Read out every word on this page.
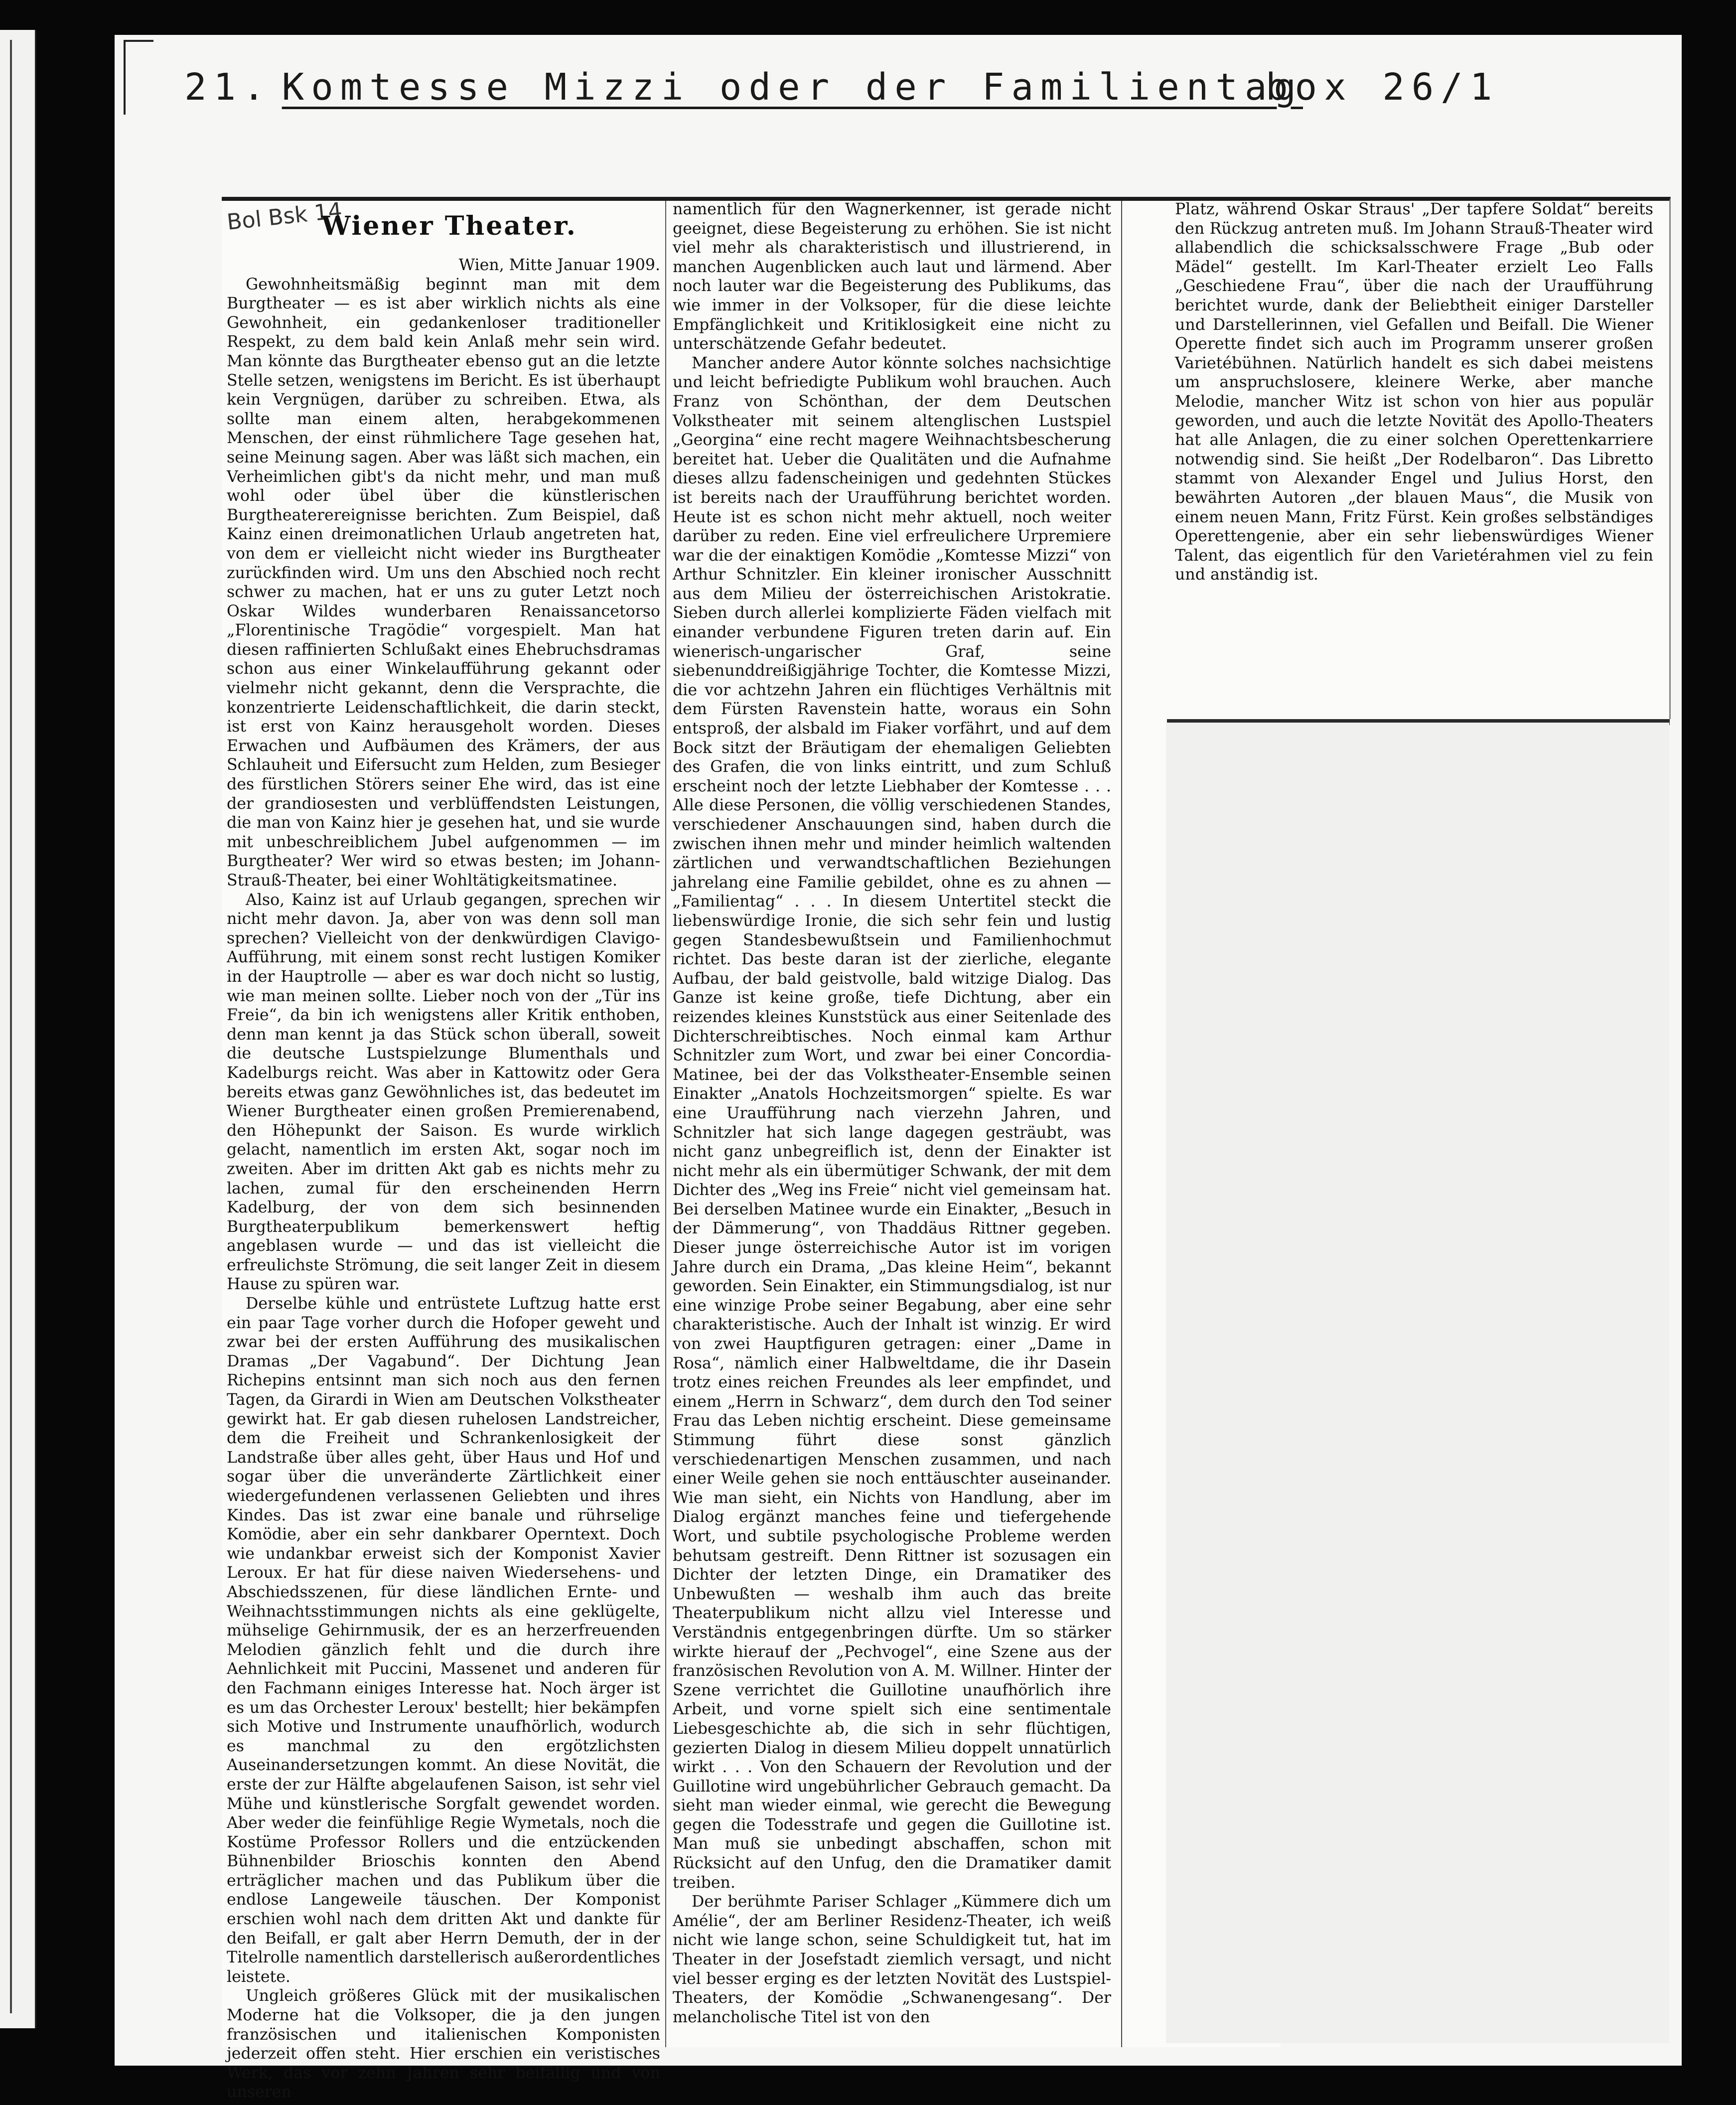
21. Komtesse Mizzi oder der Familientag
box 26/1
Bol Bsk 14
Wiener Theater.

Wien, Mitte Januar 1909.

Gewohnheitsmäßig beginnt man mit dem Burgtheater — es ist aber wirklich nichts als eine Gewohnheit, ein gedankenloser traditioneller Respekt, zu dem bald kein Anlaß mehr sein wird. Man könnte das Burgtheater ebenso gut an die letzte Stelle setzen, wenigstens im Bericht. Es ist überhaupt kein Vergnügen, darüber zu schreiben. Etwa, als sollte man einem alten, herabgekommenen Menschen, der einst rühmlichere Tage gesehen hat, seine Meinung sagen. Aber was läßt sich machen, ein Verheimlichen gibt's da nicht mehr, und man muß wohl oder übel über die künstlerischen Burgtheaterereignisse berichten. Zum Beispiel, daß Kainz einen dreimonatlichen Urlaub angetreten hat, von dem er vielleicht nicht wieder ins Burgtheater zurückfinden wird. Um uns den Abschied noch recht schwer zu machen, hat er uns zu guter Letzt noch Oskar Wildes wunderbaren Renaissancetorso „Florentinische Tragödie“ vorgespielt. Man hat diesen raffinierten Schlußakt eines Ehebruchsdramas schon aus einer Winkelaufführung gekannt oder vielmehr nicht gekannt, denn die Versprachte, die konzentrierte Leidenschaftlichkeit, die darin steckt, ist erst von Kainz herausgeholt worden. Dieses Erwachen und Aufbäumen des Krämers, der aus Schlauheit und Eifersucht zum Helden, zum Besieger des fürstlichen Störers seiner Ehe wird, das ist eine der grandiosesten und verblüffendsten Leistungen, die man von Kainz hier je gesehen hat, und sie wurde mit unbeschreiblichem Jubel aufgenommen — im Burgtheater? Wer wird so etwas besten; im Johann-Strauß-Theater, bei einer Wohltätigkeitsmatinee.

Also, Kainz ist auf Urlaub gegangen, sprechen wir nicht mehr davon. Ja, aber von was denn soll man sprechen? Vielleicht von der denkwürdigen Clavigo-Aufführung, mit einem sonst recht lustigen Komiker in der Hauptrolle — aber es war doch nicht so lustig, wie man meinen sollte. Lieber noch von der „Tür ins Freie“, da bin ich wenigstens aller Kritik enthoben, denn man kennt ja das Stück schon überall, soweit die deutsche Lustspielzunge Blumenthals und Kadelburgs reicht. Was aber in Kattowitz oder Gera bereits etwas ganz Gewöhnliches ist, das bedeutet im Wiener Burgtheater einen großen Premierenabend, den Höhepunkt der Saison. Es wurde wirklich gelacht, namentlich im ersten Akt, sogar noch im zweiten. Aber im dritten Akt gab es nichts mehr zu lachen, zumal für den erscheinenden Herrn Kadelburg, der von dem sich besinnenden Burgtheaterpublikum bemerkenswert heftig angeblasen wurde — und das ist vielleicht die erfreulichste Strömung, die seit langer Zeit in diesem Hause zu spüren war.

Derselbe kühle und entrüstete Luftzug hatte erst ein paar Tage vorher durch die Hofoper geweht und zwar bei der ersten Aufführung des musikalischen Dramas „Der Vagabund“. Der Dichtung Jean Richepins entsinnt man sich noch aus den fernen Tagen, da Girardi in Wien am Deutschen Volkstheater gewirkt hat. Er gab diesen ruhelosen Landstreicher, dem die Freiheit und Schrankenlosigkeit der Landstraße über alles geht, über Haus und Hof und sogar über die unveränderte Zärtlichkeit einer wiedergefundenen verlassenen Geliebten und ihres Kindes. Das ist zwar eine banale und rührselige Komödie, aber ein sehr dankbarer Operntext. Doch wie undankbar erweist sich der Komponist Xavier Leroux. Er hat für diese naiven Wiedersehens- und Abschiedsszenen, für diese ländlichen Ernte- und Weihnachtsstimmungen nichts als eine geklügelte, mühselige Gehirnmusik, der es an herzerfreuenden Melodien gänzlich fehlt und die durch ihre Aehnlichkeit mit Puccini, Massenet und anderen für den Fachmann einiges Interesse hat. Noch ärger ist es um das Orchester Leroux' bestellt; hier bekämpfen sich Motive und Instrumente unaufhörlich, wodurch es manchmal zu den ergötzlichsten Auseinandersetzungen kommt. An diese Novität, die erste der zur Hälfte abgelaufenen Saison, ist sehr viel Mühe und künstlerische Sorgfalt gewendet worden. Aber weder die feinfühlige Regie Wymetals, noch die Kostüme Professor Rollers und die entzückenden Bühnenbilder Brioschis konnten den Abend erträglicher machen und das Publikum über die endlose Langeweile täuschen. Der Komponist erschien wohl nach dem dritten Akt und dankte für den Beifall, er galt aber Herrn Demuth, der in der Titelrolle namentlich darstellerisch außerordentliches leistete.

Ungleich größeres Glück mit der musikalischen Moderne hat die Volksoper, die ja den jungen französischen und italienischen Komponisten jederzeit offen steht. Hier erschien ein veristisches Werk, das vor zehn Jahren sehr beifällig und von unseren

namentlich für den Wagnerkenner, ist gerade nicht geeignet, diese Begeisterung zu erhöhen. Sie ist nicht viel mehr als charakteristisch und illustrierend, in manchen Augenblicken auch laut und lärmend. Aber noch lauter war die Begeisterung des Publikums, das wie immer in der Volksoper, für die diese leichte Empfänglichkeit und Kritiklosigkeit eine nicht zu unterschätzende Gefahr bedeutet.

Mancher andere Autor könnte solches nachsichtige und leicht befriedigte Publikum wohl brauchen. Auch Franz von Schönthan, der dem Deutschen Volkstheater mit seinem altenglischen Lustspiel „Georgina“ eine recht magere Weihnachtsbescherung bereitet hat. Ueber die Qualitäten und die Aufnahme dieses allzu fadenscheinigen und gedehnten Stückes ist bereits nach der Uraufführung berichtet worden. Heute ist es schon nicht mehr aktuell, noch weiter darüber zu reden. Eine viel erfreulichere Urpremiere war die der einaktigen Komödie „Komtesse Mizzi“ von Arthur Schnitzler. Ein kleiner ironischer Ausschnitt aus dem Milieu der österreichischen Aristokratie. Sieben durch allerlei komplizierte Fäden vielfach mit einander verbundene Figuren treten darin auf. Ein wienerisch-ungarischer Graf, seine siebenunddreißigjährige Tochter, die Komtesse Mizzi, die vor achtzehn Jahren ein flüchtiges Verhältnis mit dem Fürsten Ravenstein hatte, woraus ein Sohn entsproß, der alsbald im Fiaker vorfährt, und auf dem Bock sitzt der Bräutigam der ehemaligen Geliebten des Grafen, die von links eintritt, und zum Schluß erscheint noch der letzte Liebhaber der Komtesse . . . Alle diese Personen, die völlig verschiedenen Standes, verschiedener Anschauungen sind, haben durch die zwischen ihnen mehr und minder heimlich waltenden zärtlichen und verwandtschaftlichen Beziehungen jahrelang eine Familie gebildet, ohne es zu ahnen — „Familientag“ . . . In diesem Untertitel steckt die liebenswürdige Ironie, die sich sehr fein und lustig gegen Standesbewußtsein und Familienhochmut richtet. Das beste daran ist der zierliche, elegante Aufbau, der bald geistvolle, bald witzige Dialog. Das Ganze ist keine große, tiefe Dichtung, aber ein reizendes kleines Kunststück aus einer Seitenlade des Dichterschreibtisches. Noch einmal kam Arthur Schnitzler zum Wort, und zwar bei einer Concordia-Matinee, bei der das Volkstheater-Ensemble seinen Einakter „Anatols Hochzeitsmorgen“ spielte. Es war eine Uraufführung nach vierzehn Jahren, und Schnitzler hat sich lange dagegen gesträubt, was nicht ganz unbegreiflich ist, denn der Einakter ist nicht mehr als ein übermütiger Schwank, der mit dem Dichter des „Weg ins Freie“ nicht viel gemeinsam hat. Bei derselben Matinee wurde ein Einakter, „Besuch in der Dämmerung“, von Thaddäus Rittner gegeben. Dieser junge österreichische Autor ist im vorigen Jahre durch ein Drama, „Das kleine Heim“, bekannt geworden. Sein Einakter, ein Stimmungsdialog, ist nur eine winzige Probe seiner Begabung, aber eine sehr charakteristische. Auch der Inhalt ist winzig. Er wird von zwei Hauptfiguren getragen: einer „Dame in Rosa“, nämlich einer Halbweltdame, die ihr Dasein trotz eines reichen Freundes als leer empfindet, und einem „Herrn in Schwarz“, dem durch den Tod seiner Frau das Leben nichtig erscheint. Diese gemeinsame Stimmung führt diese sonst gänzlich verschiedenartigen Menschen zusammen, und nach einer Weile gehen sie noch enttäuschter auseinander. Wie man sieht, ein Nichts von Handlung, aber im Dialog ergänzt manches feine und tiefergehende Wort, und subtile psychologische Probleme werden behutsam gestreift. Denn Rittner ist sozusagen ein Dichter der letzten Dinge, ein Dramatiker des Unbewußten — weshalb ihm auch das breite Theaterpublikum nicht allzu viel Interesse und Verständnis entgegenbringen dürfte. Um so stärker wirkte hierauf der „Pechvogel“, eine Szene aus der französischen Revolution von A. M. Willner. Hinter der Szene verrichtet die Guillotine unaufhörlich ihre Arbeit, und vorne spielt sich eine sentimentale Liebesgeschichte ab, die sich in sehr flüchtigen, gezierten Dialog in diesem Milieu doppelt unnatürlich wirkt . . . Von den Schauern der Revolution und der Guillotine wird ungebührlicher Gebrauch gemacht. Da sieht man wieder einmal, wie gerecht die Bewegung gegen die Todesstrafe und gegen die Guillotine ist. Man muß sie unbedingt abschaffen, schon mit Rücksicht auf den Unfug, den die Dramatiker damit treiben.

Der berühmte Pariser Schlager „Kümmere dich um Amélie“, der am Berliner Residenz-Theater, ich weiß nicht wie lange schon, seine Schuldigkeit tut, hat im Theater in der Josefstadt ziemlich versagt, und nicht viel besser erging es der letzten Novität des Lustspiel-Theaters, der Komödie „Schwanengesang“. Der melancholische Titel ist von den

Platz, während Oskar Straus' „Der tapfere Soldat“ bereits den Rückzug antreten muß. Im Johann Strauß-Theater wird allabendlich die schicksalsschwere Frage „Bub oder Mädel“ gestellt. Im Karl-Theater erzielt Leo Falls „Geschiedene Frau“, über die nach der Uraufführung berichtet wurde, dank der Beliebtheit einiger Darsteller und Darstellerinnen, viel Gefallen und Beifall. Die Wiener Operette findet sich auch im Programm unserer großen Varietébühnen. Natürlich handelt es sich dabei meistens um anspruchslosere, kleinere Werke, aber manche Melodie, mancher Witz ist schon von hier aus populär geworden, und auch die letzte Novität des Apollo-Theaters hat alle Anlagen, die zu einer solchen Operettenkarriere notwendig sind. Sie heißt „Der Rodelbaron“. Das Libretto stammt von Alexander Engel und Julius Horst, den bewährten Autoren „der blauen Maus“, die Musik von einem neuen Mann, Fritz Fürst. Kein großes selbständiges Operettengenie, aber ein sehr liebenswürdiges Wiener Talent, das eigentlich für den Varietérahmen viel zu fein und anständig ist.
